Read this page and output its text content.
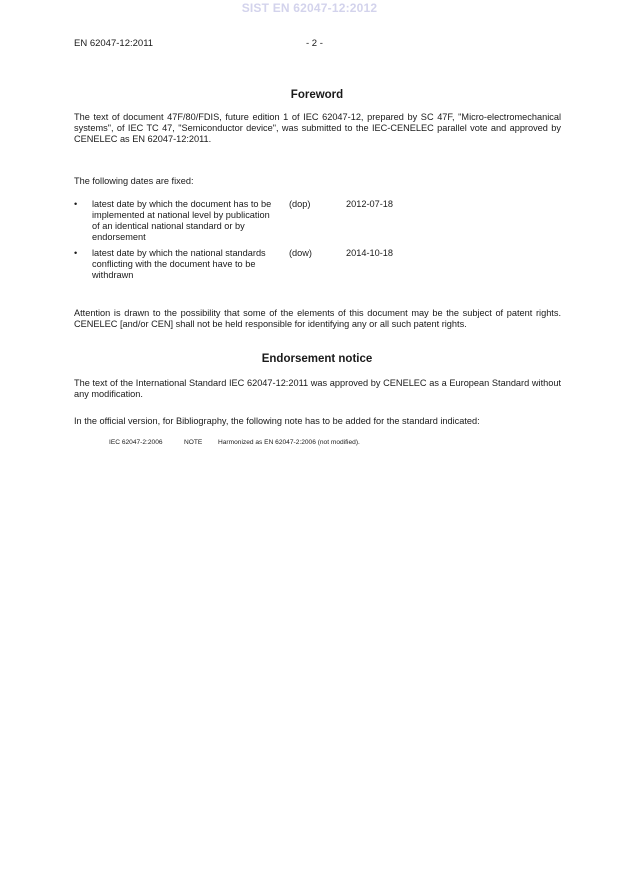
SIST EN 62047-12:2012
EN 62047-12:2011	- 2 -
Foreword
The text of document 47F/80/FDIS, future edition 1 of IEC 62047-12, prepared by SC 47F, "Micro-electromechanical systems", of IEC TC 47, "Semiconductor device", was submitted to the IEC-CENELEC parallel vote and approved by CENELEC as EN 62047-12:2011.
The following dates are fixed:
• latest date by which the document has to be implemented at national level by publication of an identical national standard or by endorsement
(dop)	2012-07-18
• latest date by which the national standards conflicting with the document have to be withdrawn
(dow)	2014-10-18
Attention is drawn to the possibility that some of the elements of this document may be the subject of patent rights. CENELEC [and/or CEN] shall not be held responsible for identifying any or all such patent rights.
Endorsement notice
The text of the International Standard IEC 62047-12:2011 was approved by CENELEC as a European Standard without any modification.
In the official version, for Bibliography, the following note has to be added for the standard indicated:
IEC 62047-2:2006	NOTE Harmonized as EN 62047-2:2006 (not modified).
